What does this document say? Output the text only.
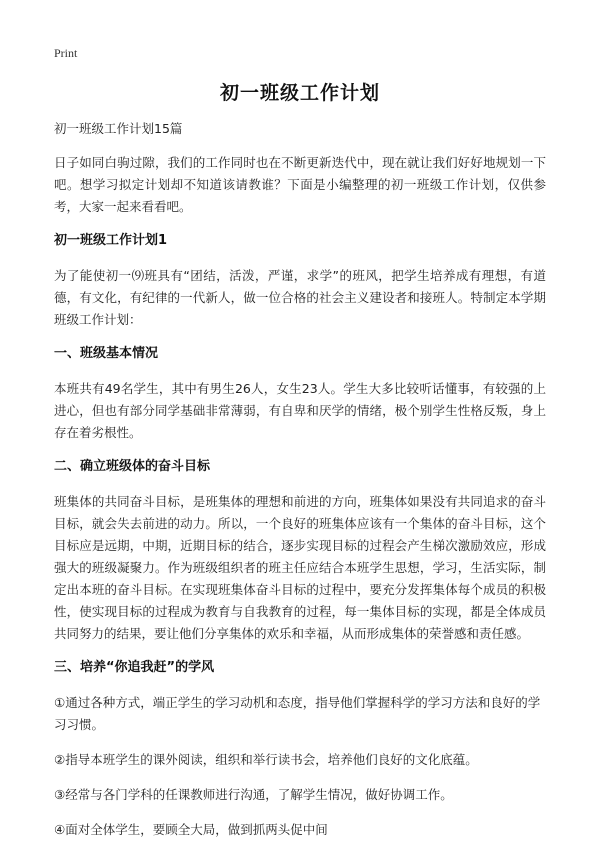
Print
初一班级工作计划
初一班级工作计划15篇

日子如同白驹过隙，我们的工作同时也在不断更新迭代中，现在就让我们好好地规划一下吧。想学习拟定计划却不知道该请教谁？下面是小编整理的初一班级工作计划，仅供参考，大家一起来看看吧。

初一班级工作计划1

为了能使初一⑼班具有“团结，活泼，严谨，求学”的班风，把学生培养成有理想，有道德，有文化，有纪律的一代新人，做一位合格的社会主义建设者和接班人。特制定本学期班级工作计划：

一、班级基本情况

本班共有49名学生，其中有男生26人，女生23人。学生大多比较听话懂事，有较强的上进心，但也有部分同学基础非常薄弱，有自卑和厌学的情绪，极个别学生性格反叛，身上存在着劣根性。

二、确立班级体的奋斗目标

班集体的共同奋斗目标，是班集体的理想和前进的方向，班集体如果没有共同追求的奋斗目标，就会失去前进的动力。所以，一个良好的班集体应该有一个集体的奋斗目标，这个目标应是远期，中期，近期目标的结合，逐步实现目标的过程会产生梯次激励效应，形成强大的班级凝聚力。作为班级组织者的班主任应结合本班学生思想，学习，生活实际，制定出本班的奋斗目标。在实现班集体奋斗目标的过程中，要充分发挥集体每个成员的积极性，使实现目标的过程成为教育与自我教育的过程，每一集体目标的实现，都是全体成员共同努力的结果，要让他们分享集体的欢乐和幸福，从而形成集体的荣誉感和责任感。

三、培养“你追我赶”的学风
①通过各种方式，端正学生的学习动机和态度，指导他们掌握科学的学习方法和良好的学习习惯。
②指导本班学生的课外阅读，组织和举行读书会，培养他们良好的文化底蕴。
③经常与各门学科的任课教师进行沟通，了解学生情况，做好协调工作。
④面对全体学生，要顾全大局，做到抓两头促中间
